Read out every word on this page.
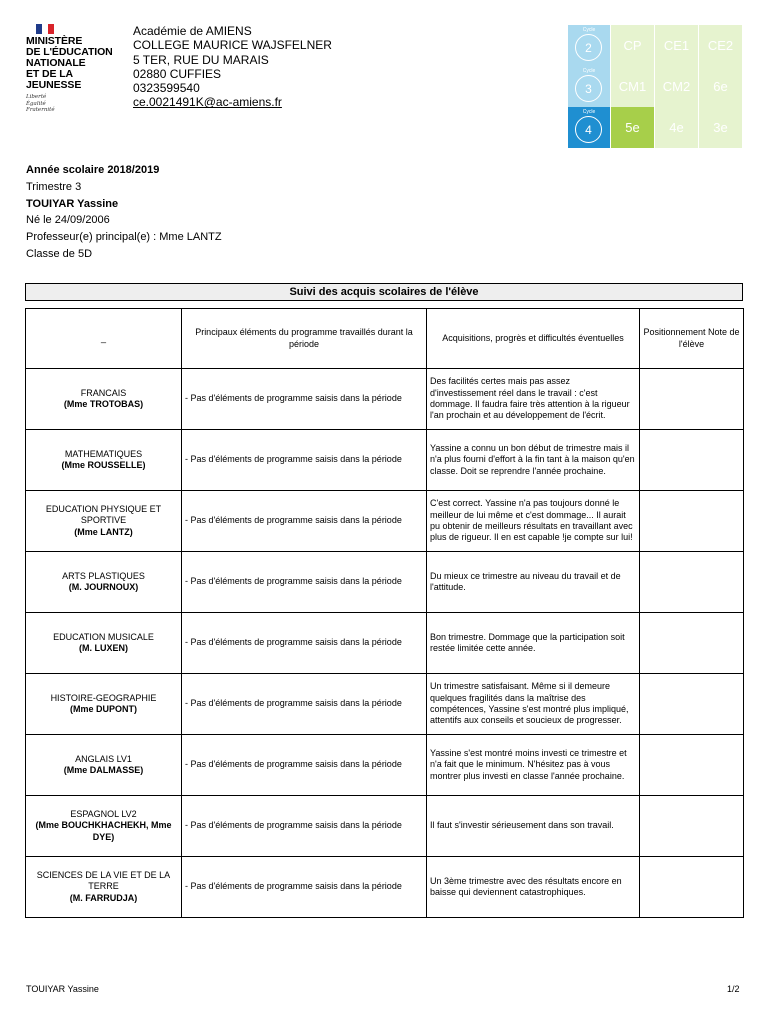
MINISTÈRE
DE L'ÉDUCATION
NATIONALE
ET DE LA JEUNESSE
Liberté
Égalité
Fraternité
Académie de AMIENS
COLLEGE MAURICE WAJSFELNER
5 TER, RUE DU MARAIS
02880 CUFFIES
0323599540
ce.0021491K@ac-amiens.fr
Cycle
2	CP	CE1	CE2
Cycle
3	CM1	CM2	6e
Cycle
4	5e	4e	3e
Année scolaire 2018/2019
Trimestre 3
TOUIYAR Yassine
Né le 24/09/2006
Professeur(e) principal(e) : Mme LANTZ
Classe de 5D
Suivi des acquis scolaires de l'élève
_	Principaux éléments du programme travaillés durant la période	Acquisitions, progrès et difficultés éventuelles	Positionnement Note de l'élève
FRANCAIS
(Mme TROTOBAS)	- Pas d'éléments de programme saisis dans la période	Des facilités certes mais pas assez d'investissement réel dans le travail : c'est dommage. Il faudra faire très attention à la rigueur l'an prochain et au développement de l'écrit.	
MATHEMATIQUES
(Mme ROUSSELLE)	- Pas d'éléments de programme saisis dans la période	Yassine a connu un bon début de trimestre mais il n'a plus fourni d'effort à la fin tant à la maison qu'en classe. Doit se reprendre l'année prochaine.	
EDUCATION PHYSIQUE ET SPORTIVE
(Mme LANTZ)	- Pas d'éléments de programme saisis dans la période	C'est correct. Yassine n'a pas toujours donné le meilleur de lui même et c'est dommage... Il aurait pu obtenir de meilleurs résultats en travaillant avec plus de rigueur. Il en est capable !je compte sur lui!	
ARTS PLASTIQUES
(M. JOURNOUX)	- Pas d'éléments de programme saisis dans la période	Du mieux ce trimestre au niveau du travail et de l'attitude.	
EDUCATION MUSICALE
(M. LUXEN)	- Pas d'éléments de programme saisis dans la période	Bon trimestre. Dommage que la participation soit restée limitée cette année.	
HISTOIRE-GEOGRAPHIE
(Mme DUPONT)	- Pas d'éléments de programme saisis dans la période	Un trimestre satisfaisant. Même si il demeure quelques fragilités dans la maîtrise des compétences, Yassine s'est montré plus impliqué, attentifs aux conseils et soucieux de progresser.	
ANGLAIS LV1
(Mme DALMASSE)	- Pas d'éléments de programme saisis dans la période	Yassine s'est montré moins investi ce trimestre et n'a fait que le minimum. N'hésitez pas à vous montrer plus investi en classe l'année prochaine.	
ESPAGNOL LV2
(Mme BOUCHKHACHEKH, Mme DYE)	- Pas d'éléments de programme saisis dans la période	Il faut s'investir sérieusement dans son travail.	
SCIENCES DE LA VIE ET DE LA TERRE
(M. FARRUDJA)	- Pas d'éléments de programme saisis dans la période	Un 3ème trimestre avec des résultats encore en baisse qui deviennent catastrophiques.	
TOUIYAR Yassine	1/2
